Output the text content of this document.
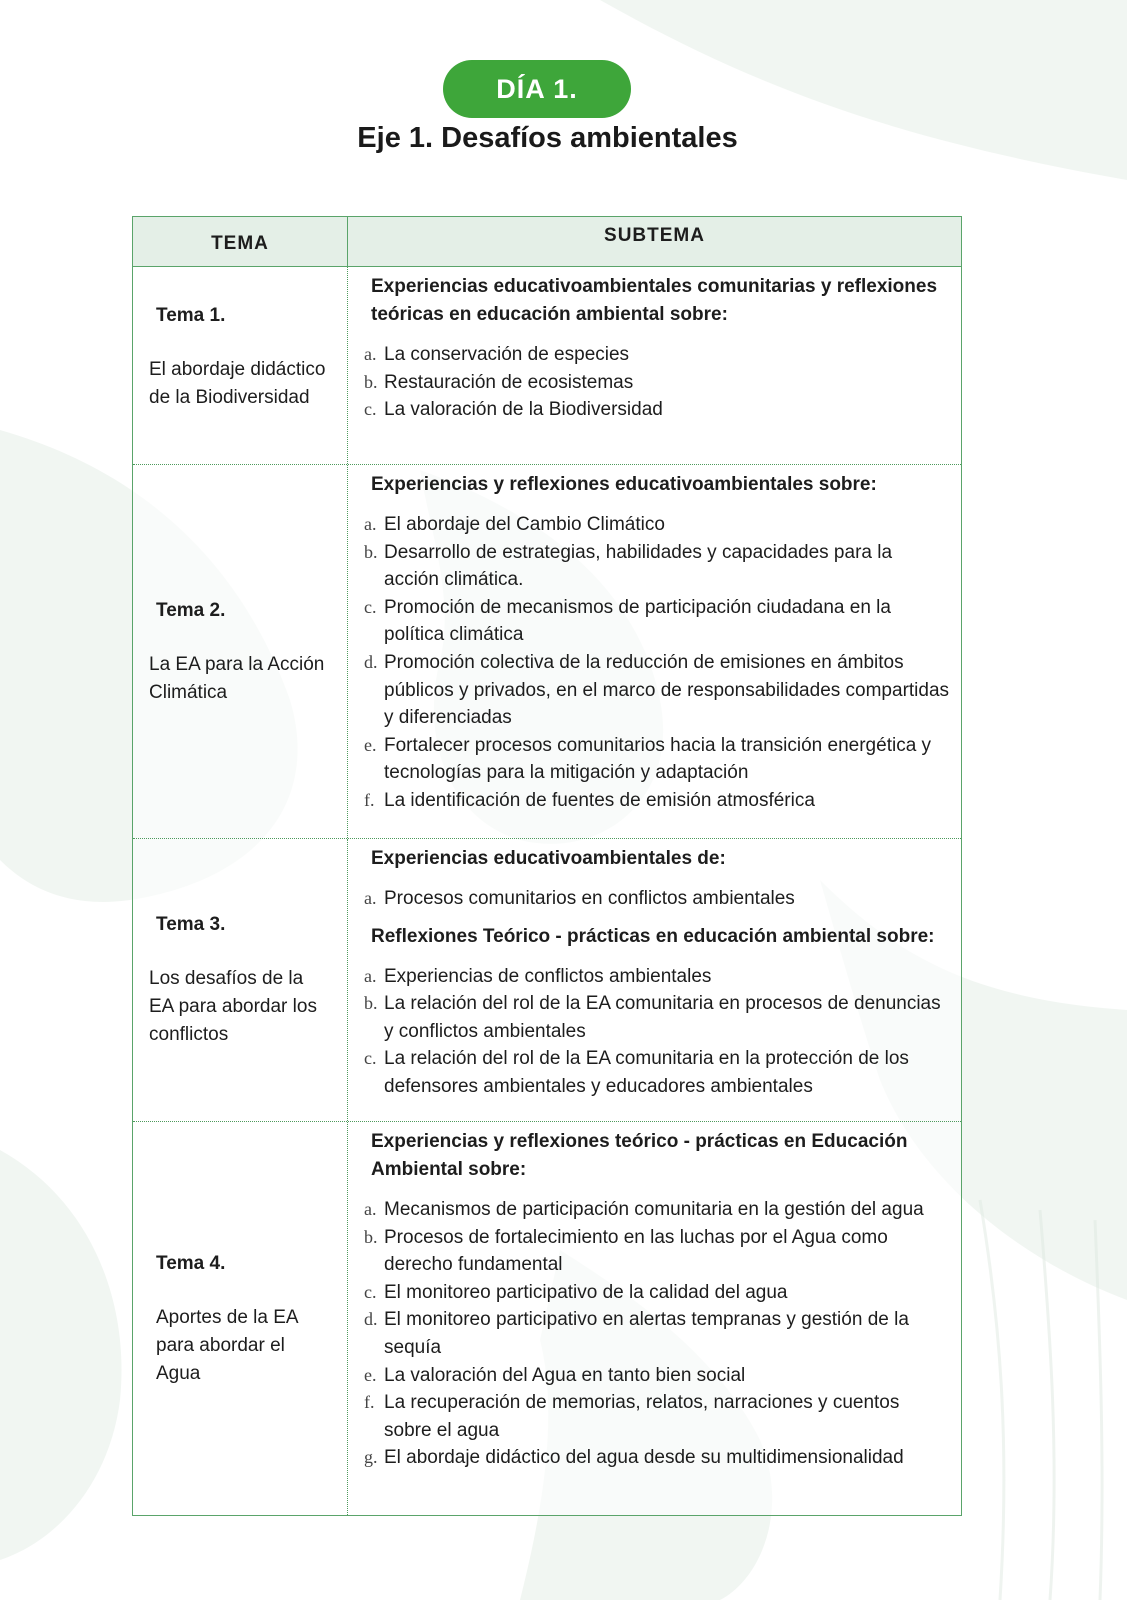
DÍA 1.
Eje 1. Desafíos ambientales
TEMA	SUBTEMA
Tema 1.
El abordaje didáctico
de la Biodiversidad
Experiencias educativoambientales comunitarias y reflexiones teóricas en educación ambiental sobre:
a. La conservación de especies
b. Restauración de ecosistemas
c. La valoración de la Biodiversidad
Tema 2.
La EA para la Acción
Climática
Experiencias y reflexiones educativoambientales sobre:
a. El abordaje del Cambio Climático
b. Desarrollo de estrategias, habilidades y capacidades para la acción climática.
c. Promoción de mecanismos de participación ciudadana en la política climática
d. Promoción colectiva de la reducción de emisiones en ámbitos públicos y privados, en el marco de responsabilidades compartidas y diferenciadas
e. Fortalecer procesos comunitarios hacia la transición energética y tecnologías para la mitigación y adaptación
f. La identificación de fuentes de emisión atmosférica
Tema 3.
Los desafíos de la
EA para abordar los
conflictos
Experiencias educativoambientales de:
a. Procesos comunitarios en conflictos ambientales
Reflexiones Teórico - prácticas en educación ambiental sobre:
a. Experiencias de conflictos ambientales
b. La relación del rol de la EA comunitaria en procesos de denuncias y conflictos ambientales
c. La relación del rol de la EA comunitaria en la protección de los defensores ambientales y educadores ambientales
Tema 4.
Aportes de la EA
para abordar el
Agua
Experiencias y reflexiones teórico - prácticas en Educación Ambiental sobre:
a. Mecanismos de participación comunitaria en la gestión del agua
b. Procesos de fortalecimiento en las luchas por el Agua como derecho fundamental
c. El monitoreo participativo de la calidad del agua
d. El monitoreo participativo en alertas tempranas y gestión de la sequía
e. La valoración del Agua en tanto bien social
f. La recuperación de memorias, relatos, narraciones y cuentos sobre el agua
g. El abordaje didáctico del agua desde su multidimensionalidad
